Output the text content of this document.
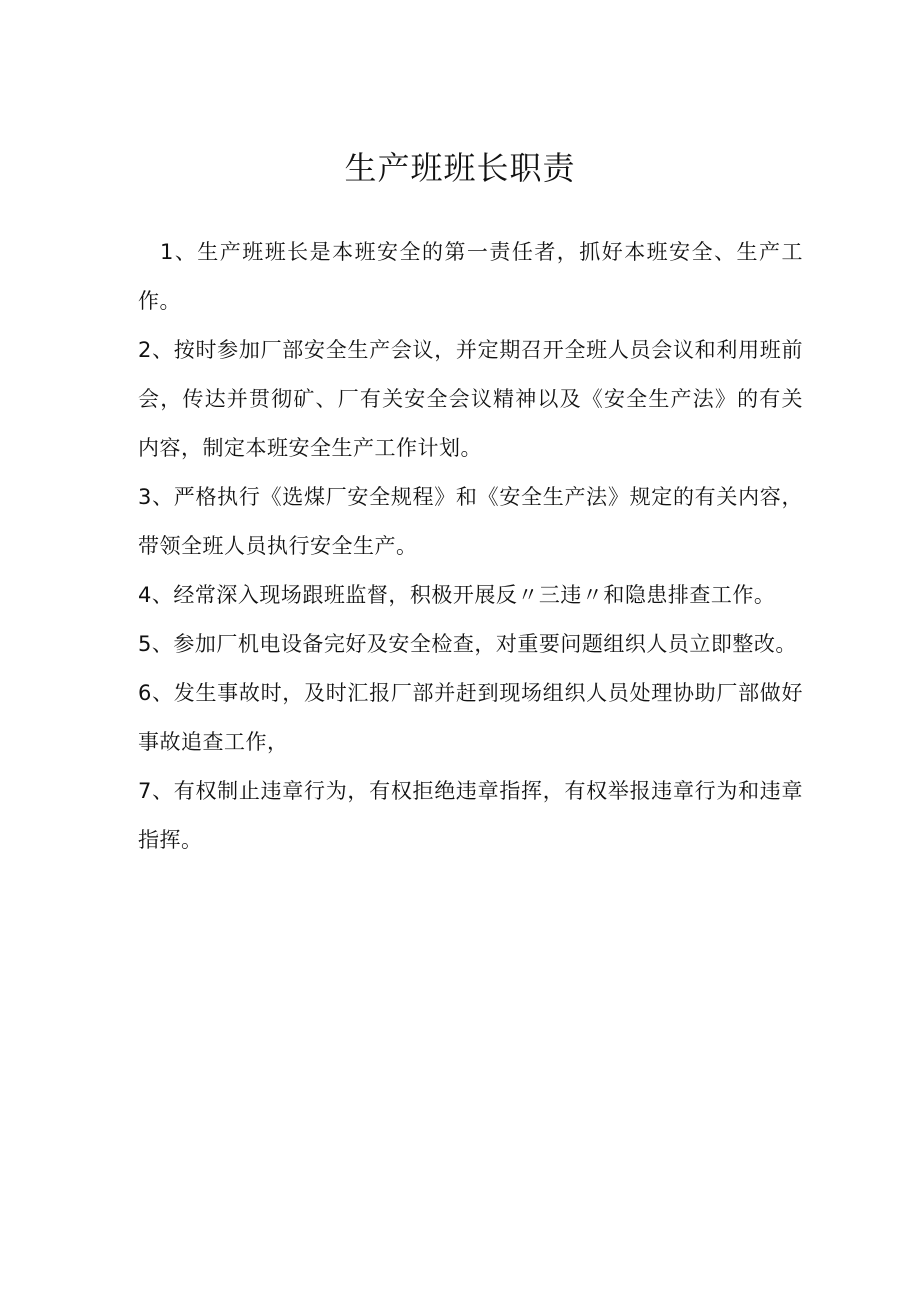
生产班班长职责

1、生产班班长是本班安全的第一责任者，抓好本班安全、生产工作。

2、按时参加厂部安全生产会议，并定期召开全班人员会议和利用班前会，传达并贯彻矿、厂有关安全会议精神以及《安全生产法》的有关内容，制定本班安全生产工作计划。

3、严格执行《选煤厂安全规程》和《安全生产法》规定的有关内容，带领全班人员执行安全生产。

4、经常深入现场跟班监督，积极开展反〃三违〃和隐患排查工作。

5、参加厂机电设备完好及安全检查，对重要问题组织人员立即整改。

6、发生事故时，及时汇报厂部并赶到现场组织人员处理协助厂部做好事故追查工作，

7、有权制止违章行为，有权拒绝违章指挥，有权举报违章行为和违章指挥。
